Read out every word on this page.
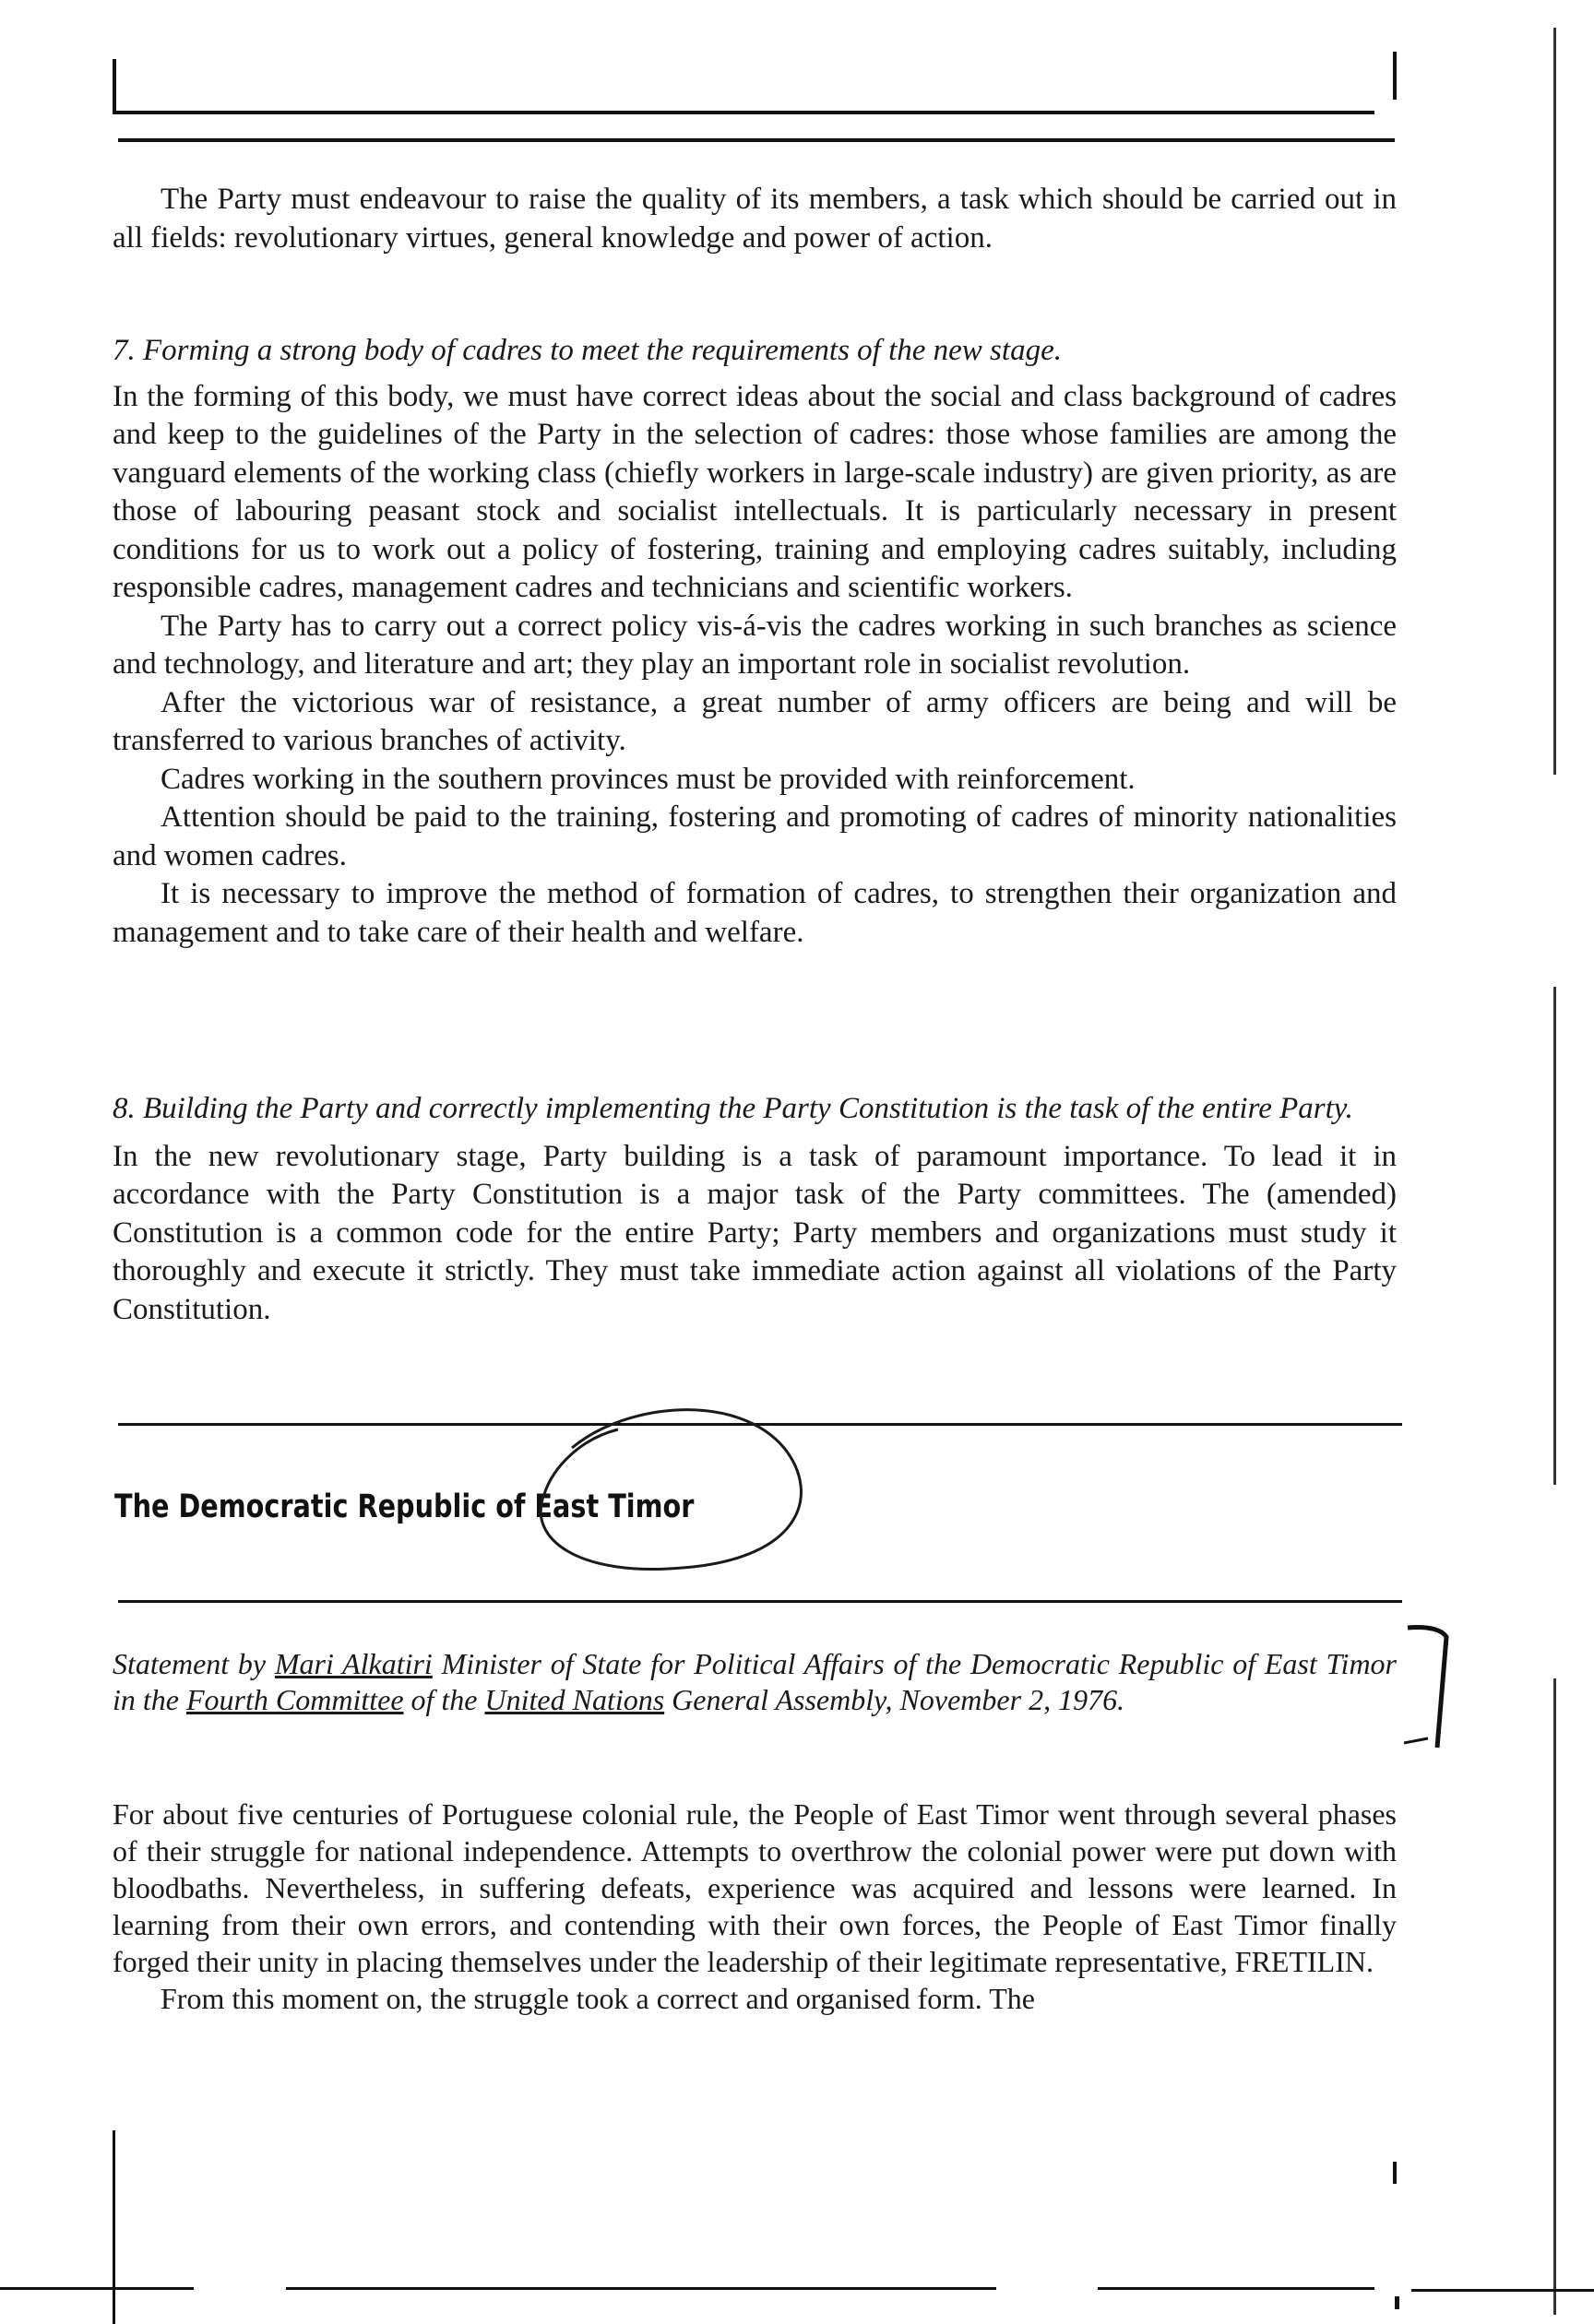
The Party must endeavour to raise the quality of its members, a task which should be carried out in all fields: revolutionary virtues, general knowledge and power of action.

7. Forming a strong body of cadres to meet the requirements of the new stage.

In the forming of this body, we must have correct ideas about the social and class background of cadres and keep to the guidelines of the Party in the selection of cadres: those whose families are among the vanguard elements of the working class (chiefly workers in large-scale industry) are given priority, as are those of labouring peasant stock and socialist intellectuals. It is particularly necessary in present conditions for us to work out a policy of fostering, training and employing cadres suitably, including responsible cadres, management cadres and technicians and scientific workers.

The Party has to carry out a correct policy vis-á-vis the cadres working in such branches as science and technology, and literature and art; they play an important role in socialist revolution.

After the victorious war of resistance, a great number of army officers are being and will be transferred to various branches of activity.

Cadres working in the southern provinces must be provided with reinforcement.

Attention should be paid to the training, fostering and promoting of cadres of minority nationalities and women cadres.

It is necessary to improve the method of formation of cadres, to strengthen their organization and management and to take care of their health and welfare.

8. Building the Party and correctly implementing the Party Constitution is the task of the entire Party.

In the new revolutionary stage, Party building is a task of paramount importance. To lead it in accordance with the Party Constitution is a major task of the Party committees. The (amended) Constitution is a common code for the entire Party; Party members and organizations must study it thoroughly and execute it strictly. They must take immediate action against all violations of the Party Constitution.

The Democratic Republic of East Timor

Statement by Mari Alkatiri Minister of State for Political Affairs of the Democratic Republic of East Timor in the Fourth Committee of the United Nations General Assembly, November 2, 1976.

For about five centuries of Portuguese colonial rule, the People of East Timor went through several phases of their struggle for national independence. Attempts to overthrow the colonial power were put down with bloodbaths. Nevertheless, in suffering defeats, experience was acquired and lessons were learned. In learning from their own errors, and contending with their own forces, the People of East Timor finally forged their unity in placing themselves under the leadership of their legitimate representative, FRETILIN.

From this moment on, the struggle took a correct and organised form. The
